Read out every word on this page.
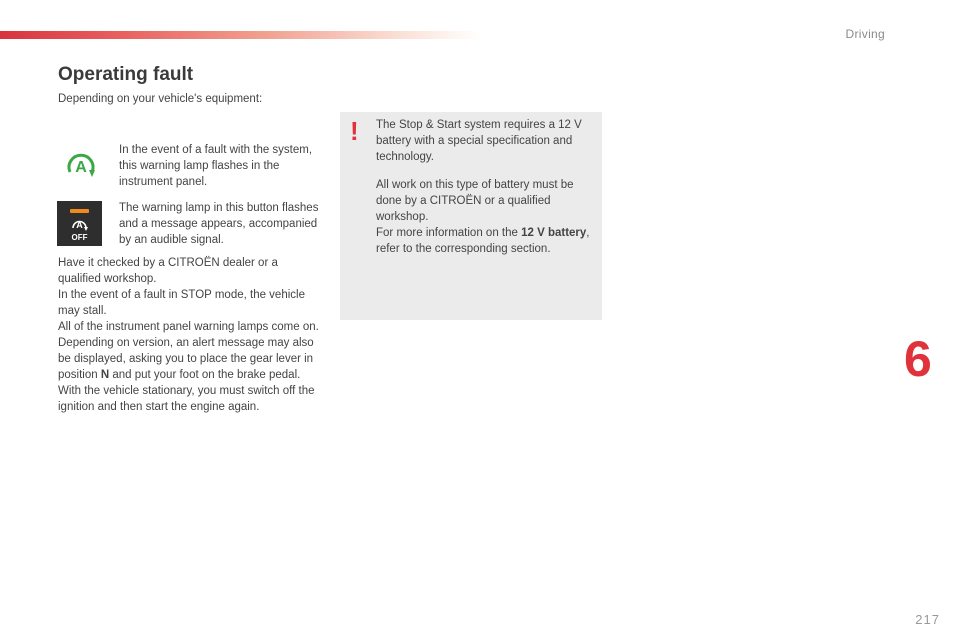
Driving
Operating fault

Depending on your vehicle's equipment:

A

In the event of a fault with the system, this warning lamp flashes in the instrument panel.

A
OFF

The warning lamp in this button flashes and a message appears, accompanied by an audible signal.

Have it checked by a CITROËN dealer or a qualified workshop.
In the event of a fault in STOP mode, the vehicle may stall.
All of the instrument panel warning lamps come on.
Depending on version, an alert message may also be displayed, asking you to place the gear lever in position N and put your foot on the brake pedal.
With the vehicle stationary, you must switch off the ignition and then start the engine again.
! The Stop & Start system requires a 12 V battery with a special specification and technology.

All work on this type of battery must be done by a CITROËN or a qualified workshop.
For more information on the 12 V battery, refer to the corresponding section.
6
217
